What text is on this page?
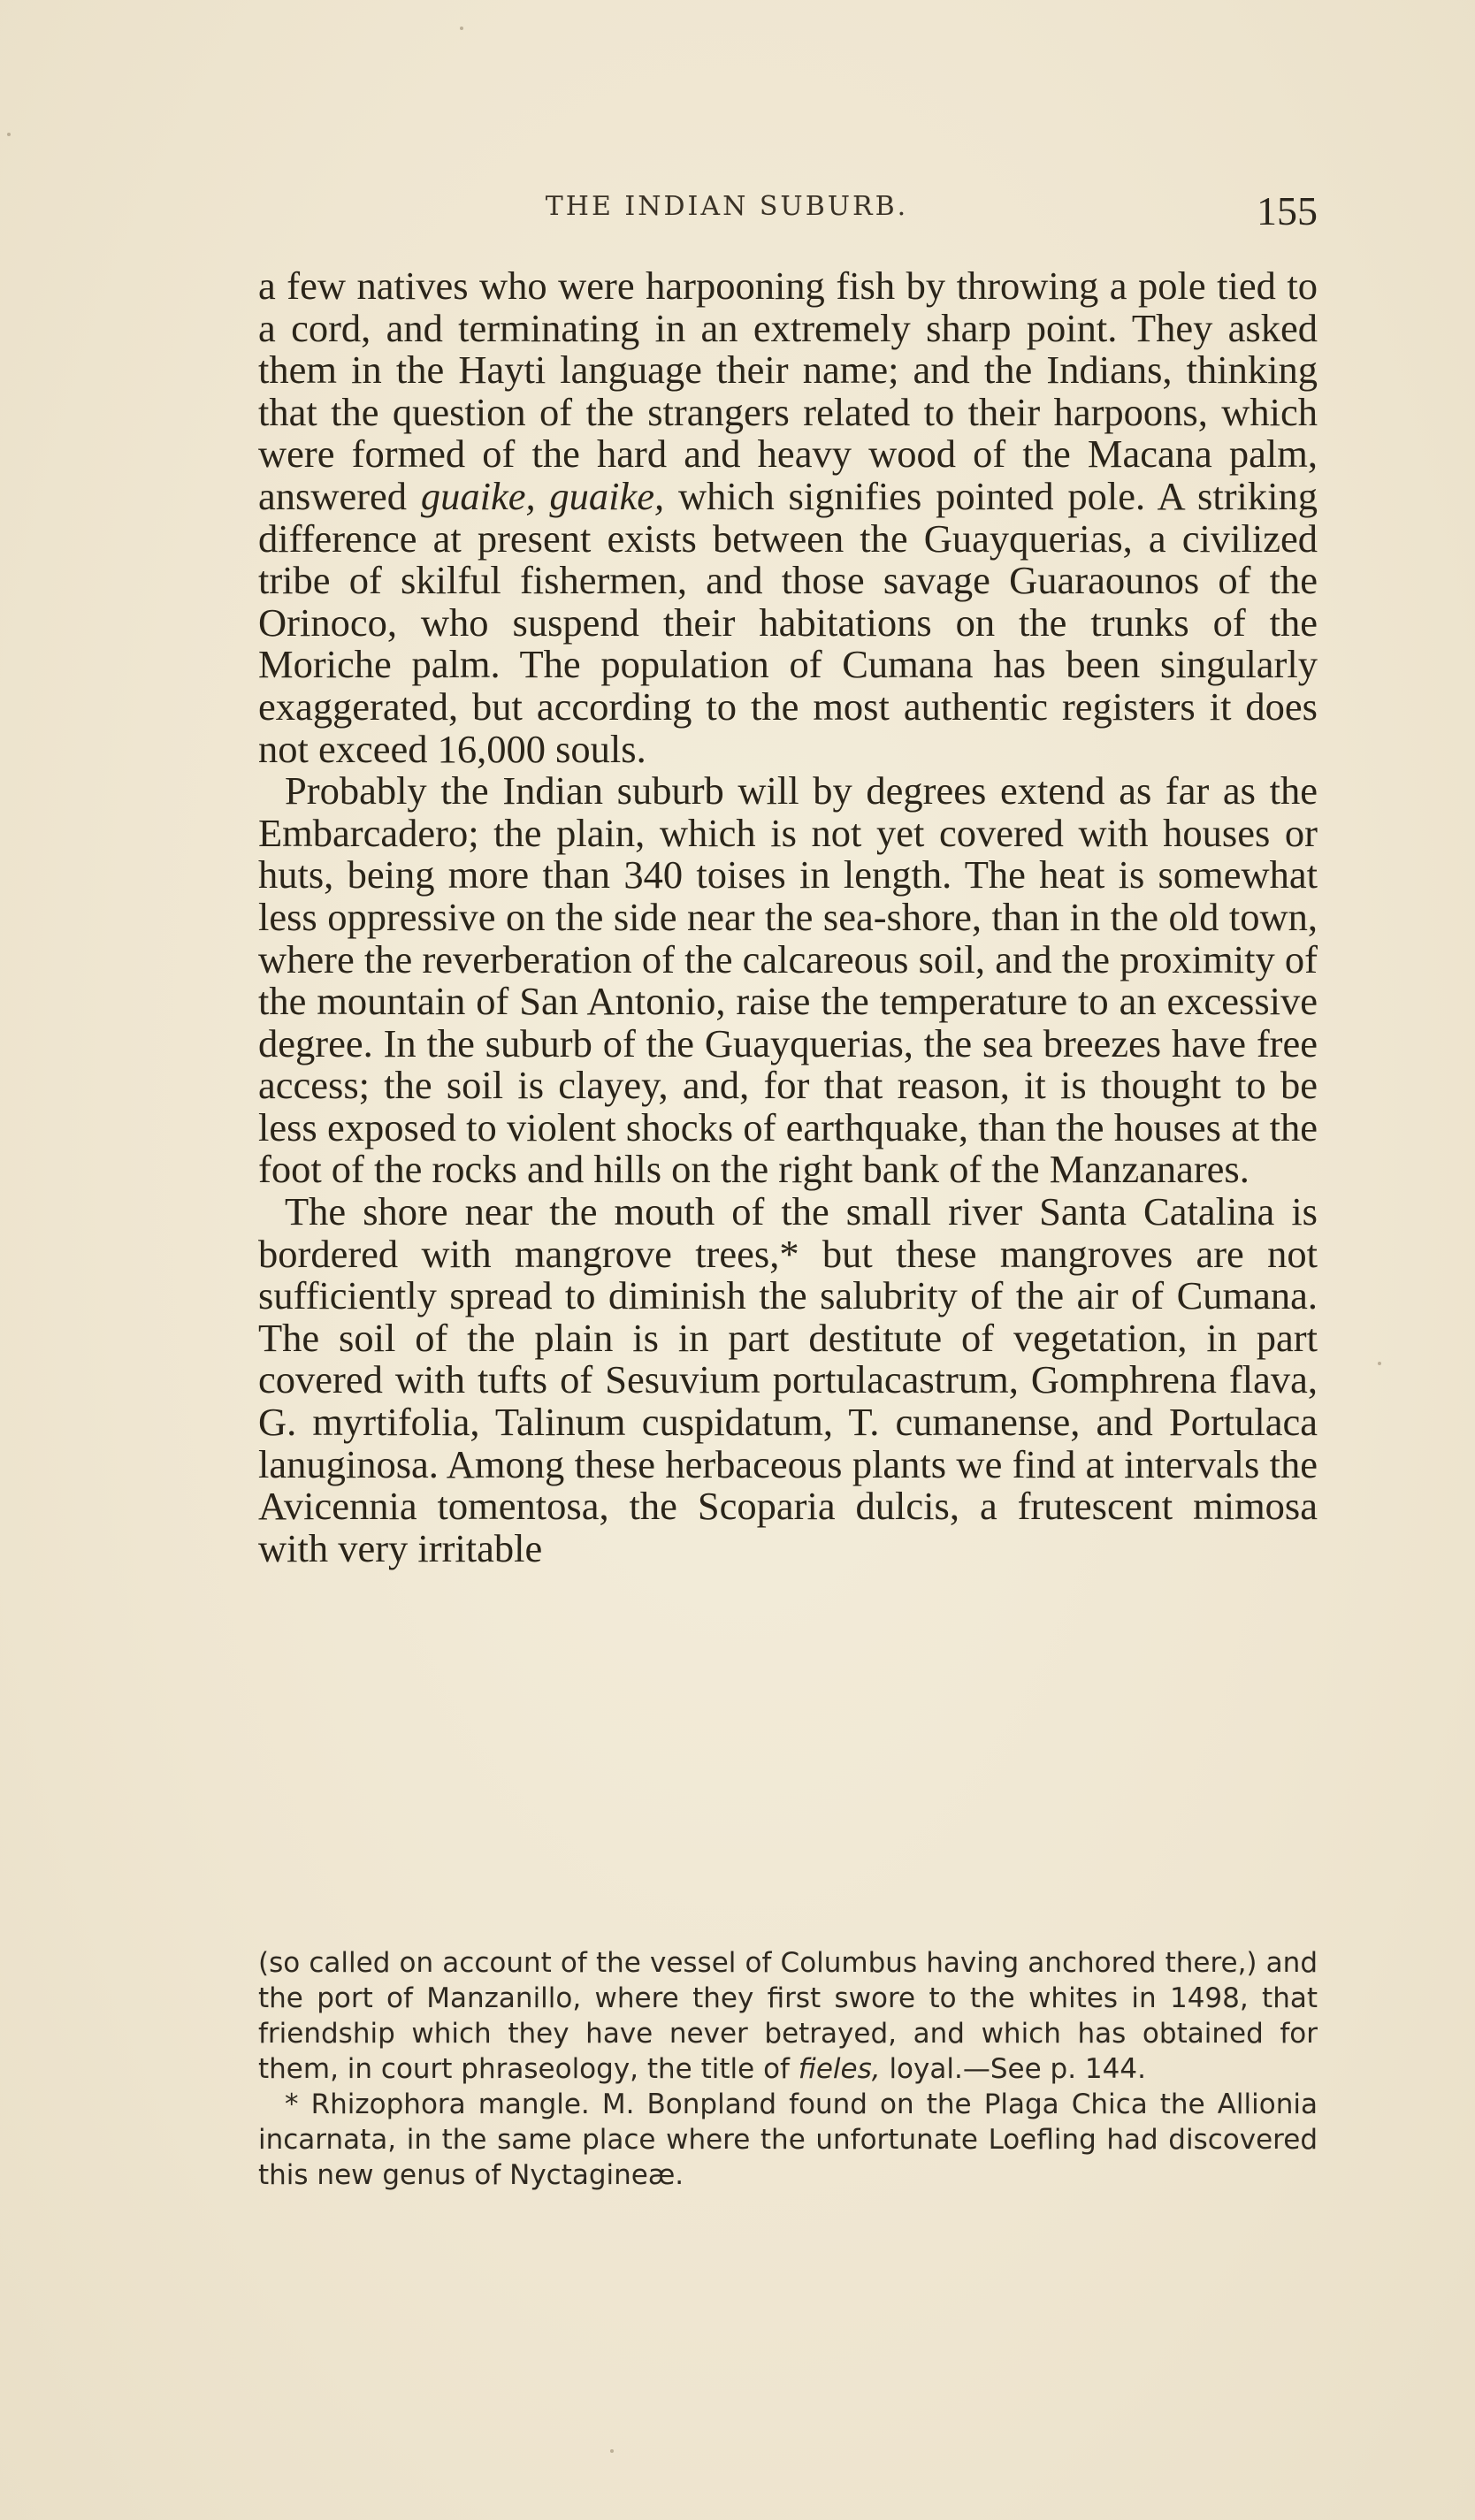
THE INDIAN SUBURB.	155

a few natives who were harpooning fish by throwing a pole tied to a cord, and terminating in an extremely sharp point. They asked them in the Hayti language their name; and the Indians, thinking that the question of the strangers related to their harpoons, which were formed of the hard and heavy wood of the Macana palm, answered guaike, guaike, which signifies pointed pole. A striking difference at present exists between the Guayquerias, a civilized tribe of skilful fishermen, and those savage Guaraounos of the Orinoco, who suspend their habitations on the trunks of the Moriche palm. The population of Cumana has been singularly exaggerated, but according to the most authentic registers it does not exceed 16,000 souls.

Probably the Indian suburb will by degrees extend as far as the Embarcadero; the plain, which is not yet covered with houses or huts, being more than 340 toises in length. The heat is somewhat less oppressive on the side near the sea-shore, than in the old town, where the reverberation of the calcareous soil, and the proximity of the mountain of San Antonio, raise the temperature to an excessive degree. In the suburb of the Guayquerias, the sea breezes have free access; the soil is clayey, and, for that reason, it is thought to be less exposed to violent shocks of earthquake, than the houses at the foot of the rocks and hills on the right bank of the Manzanares.

The shore near the mouth of the small river Santa Catalina is bordered with mangrove trees,* but these mangroves are not sufficiently spread to diminish the salubrity of the air of Cumana. The soil of the plain is in part destitute of vegetation, in part covered with tufts of Sesuvium portulacastrum, Gomphrena flava, G. myrtifolia, Talinum cuspidatum, T. cumanense, and Portulaca lanuginosa. Among these herbaceous plants we find at intervals the Avicennia tomentosa, the Scoparia dulcis, a frutescent mimosa with very irritable

(so called on account of the vessel of Columbus having anchored there,) and the port of Manzanillo, where they first swore to the whites in 1498, that friendship which they have never betrayed, and which has obtained for them, in court phraseology, the title of fieles, loyal.—See p. 144.

* Rhizophora mangle. M. Bonpland found on the Plaga Chica the Allionia incarnata, in the same place where the unfortunate Loefling had discovered this new genus of Nyctagineæ.
